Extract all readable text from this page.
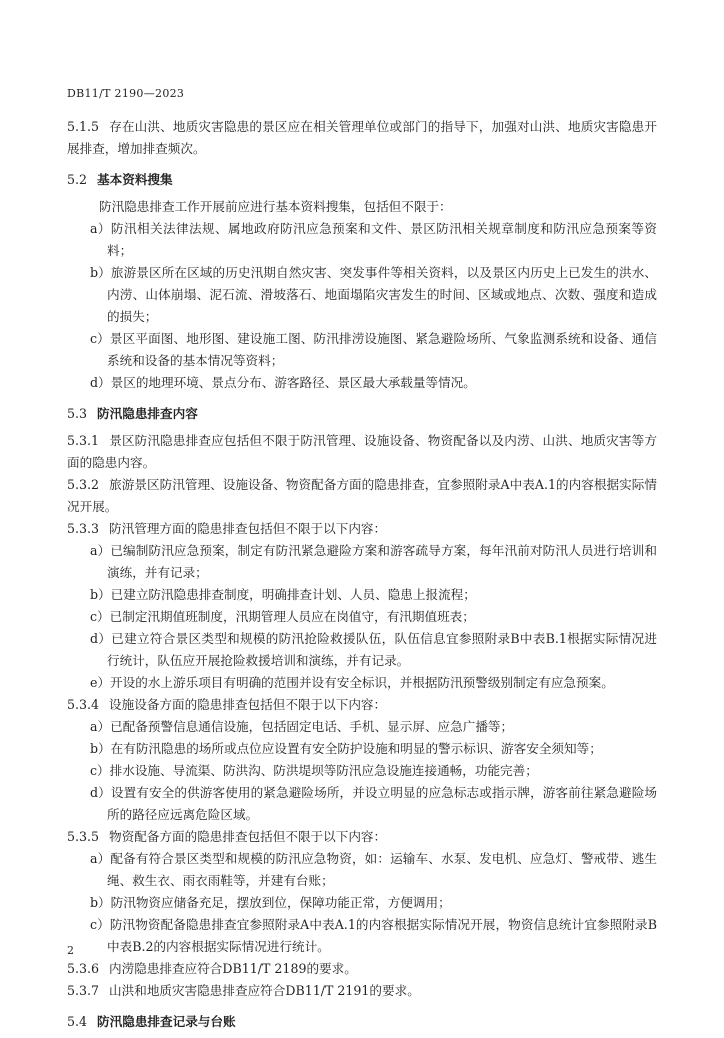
DB11/T 2190—2023

5.1.5 存在山洪、地质灾害隐患的景区应在相关管理单位或部门的指导下，加强对山洪、地质灾害隐患开展排查，增加排查频次。

5.2 基本资料搜集

防汛隐患排查工作开展前应进行基本资料搜集，包括但不限于：

a）防汛相关法律法规、属地政府防汛应急预案和文件、景区防汛相关规章制度和防汛应急预案等资料；

b）旅游景区所在区域的历史汛期自然灾害、突发事件等相关资料，以及景区内历史上已发生的洪水、内涝、山体崩塌、泥石流、滑坡落石、地面塌陷灾害发生的时间、区域或地点、次数、强度和造成的损失；

c）景区平面图、地形图、建设施工图、防汛排涝设施图、紧急避险场所、气象监测系统和设备、通信系统和设备的基本情况等资料；

d）景区的地理环境、景点分布、游客路径、景区最大承载量等情况。

5.3 防汛隐患排查内容

5.3.1 景区防汛隐患排查应包括但不限于防汛管理、设施设备、物资配备以及内涝、山洪、地质灾害等方面的隐患内容。

5.3.2 旅游景区防汛管理、设施设备、物资配备方面的隐患排查，宜参照附录A中表A.1的内容根据实际情况开展。

5.3.3 防汛管理方面的隐患排查包括但不限于以下内容：

a）已编制防汛应急预案，制定有防汛紧急避险方案和游客疏导方案，每年汛前对防汛人员进行培训和演练，并有记录；

b）已建立防汛隐患排查制度，明确排查计划、人员、隐患上报流程；

c）已制定汛期值班制度，汛期管理人员应在岗值守，有汛期值班表；

d）已建立符合景区类型和规模的防汛抢险救援队伍，队伍信息宜参照附录B中表B.1根据实际情况进行统计，队伍应开展抢险救援培训和演练，并有记录。

e）开设的水上游乐项目有明确的范围并设有安全标识，并根据防汛预警级别制定有应急预案。

5.3.4 设施设备方面的隐患排查包括但不限于以下内容：

a）已配备预警信息通信设施，包括固定电话、手机、显示屏、应急广播等；

b）在有防汛隐患的场所或点位应设置有安全防护设施和明显的警示标识、游客安全须知等；

c）排水设施、导流渠、防洪沟、防洪堤坝等防汛应急设施连接通畅，功能完善；

d）设置有安全的供游客使用的紧急避险场所，并设立明显的应急标志或指示牌，游客前往紧急避险场所的路径应远离危险区域。

5.3.5 物资配备方面的隐患排查包括但不限于以下内容：

a）配备有符合景区类型和规模的防汛应急物资，如：运输车、水泵、发电机、应急灯、警戒带、逃生绳、救生衣、雨衣雨鞋等，并建有台账；

b）防汛物资应储备充足，摆放到位，保障功能正常，方便调用；

c）防汛物资配备隐患排查宜参照附录A中表A.1的内容根据实际情况开展，物资信息统计宜参照附录B中表B.2的内容根据实际情况进行统计。

5.3.6 内涝隐患排查应符合DB11/T 2189的要求。

5.3.7 山洪和地质灾害隐患排查应符合DB11/T 2191的要求。

5.4 防汛隐患排查记录与台账

2
